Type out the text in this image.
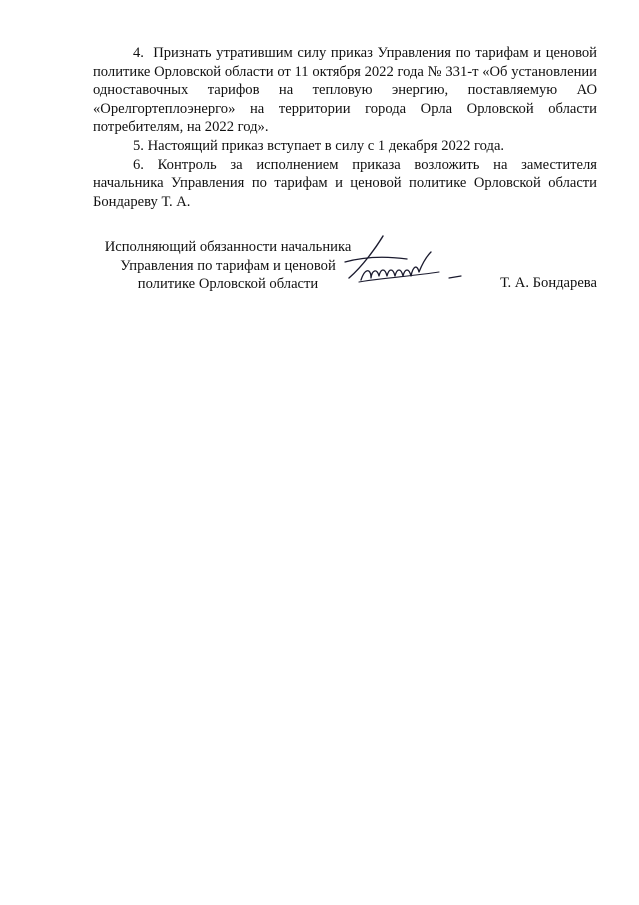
4.  Признать утратившим силу приказ Управления по тарифам и ценовой политике Орловской области от 11 октября 2022 года № 331-т «Об установлении одноставочных тарифов на тепловую энергию, поставляемую АО «Орелгортеплоэнерго» на территории города Орла Орловской области потребителям, на 2022 год».

5. Настоящий приказ вступает в силу с 1 декабря 2022 года.

6. Контроль за исполнением приказа возложить на заместителя начальника Управления по тарифам и ценовой политике Орловской области Бондареву Т. А.

Исполняющий обязанности начальника
Управления по тарифам и ценовой
политике Орловской области	Т. А. Бондарева
